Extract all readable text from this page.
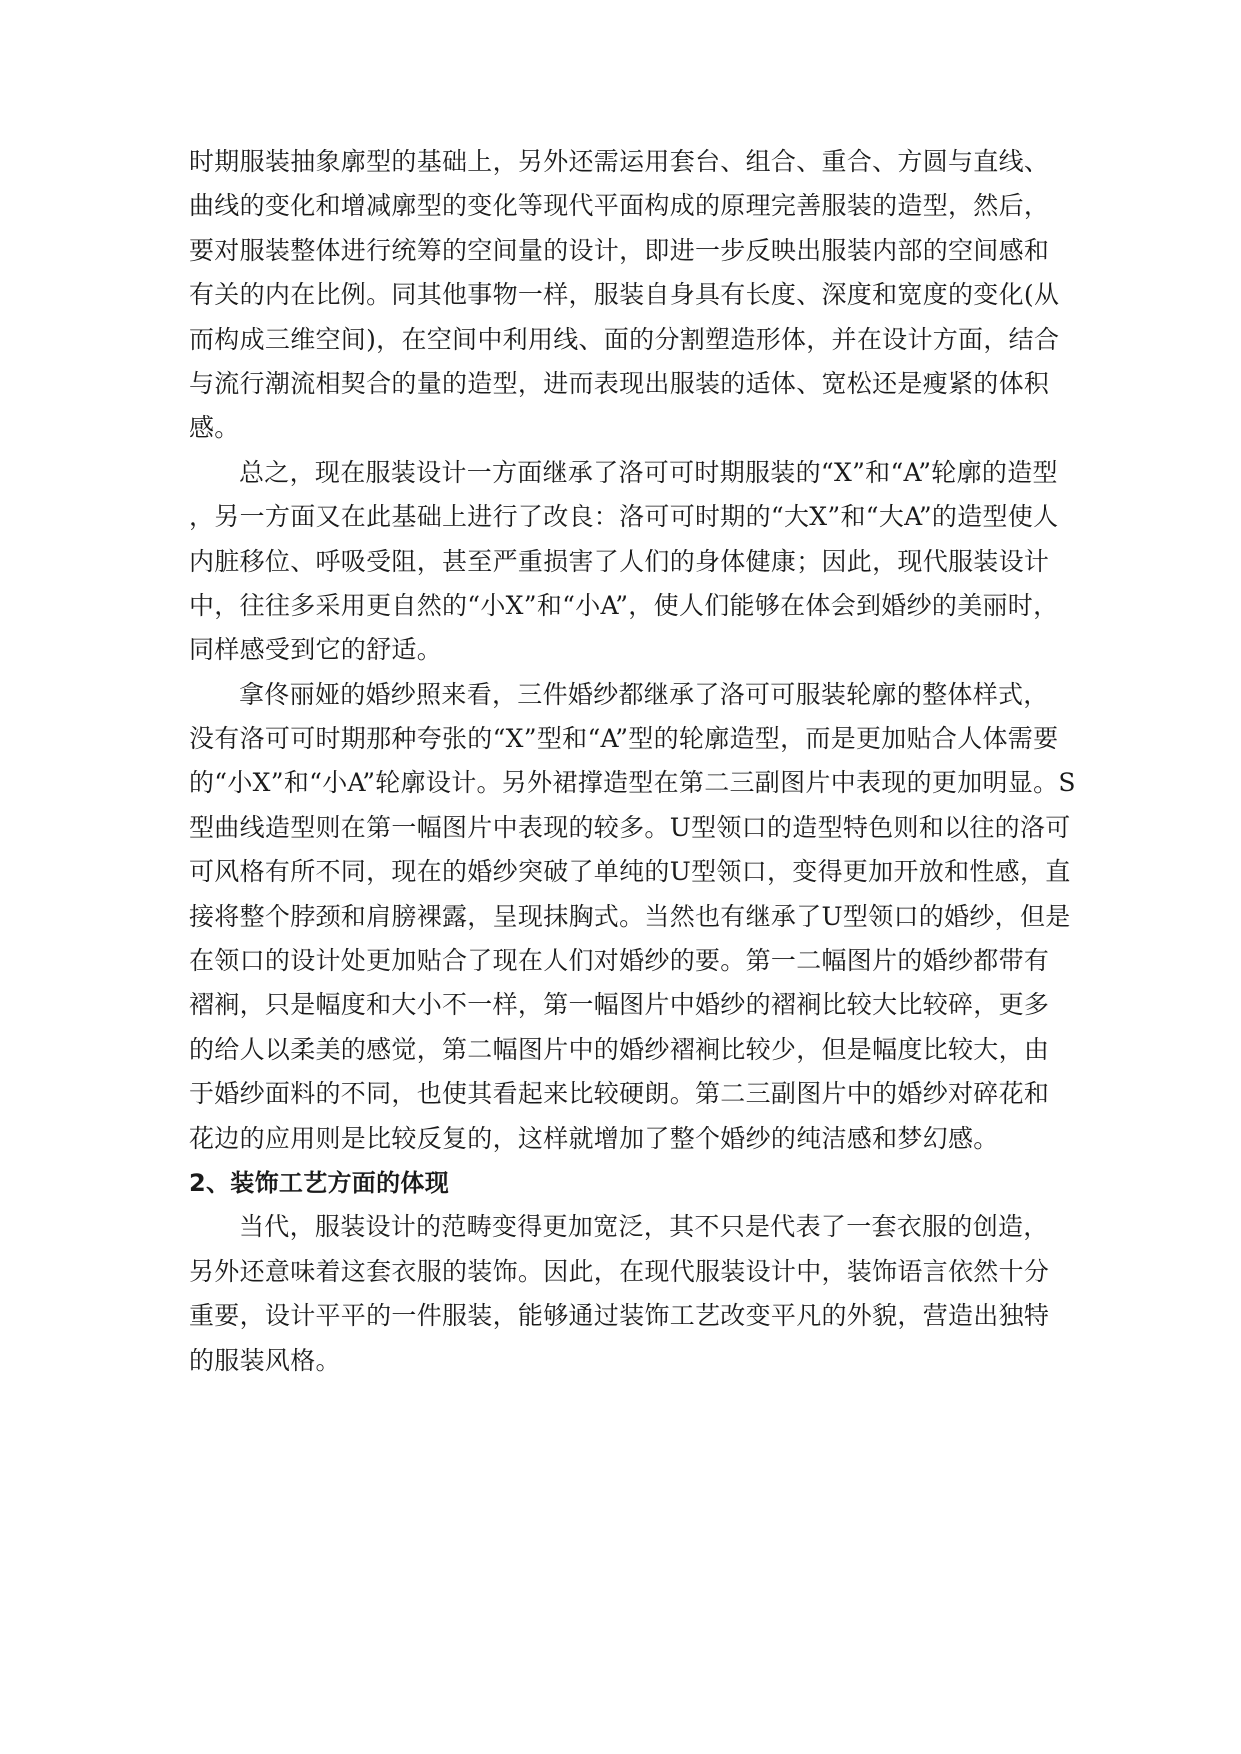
时期服装抽象廓型的基础上，另外还需运用套台、组合、重合、方圆与直线、
曲线的变化和增减廓型的变化等现代平面构成的原理完善服装的造型，然后，
要对服装整体进行统筹的空间量的设计，即进一步反映出服装内部的空间感和
有关的内在比例。同其他事物一样，服装自身具有长度、深度和宽度的变化(从
而构成三维空间)，在空间中利用线、面的分割塑造形体，并在设计方面，结合
与流行潮流相契合的量的造型，进而表现出服装的适体、宽松还是瘦紧的体积
感。
总之，现在服装设计一方面继承了洛可可时期服装的“X”和“A”轮廓的造型
，另一方面又在此基础上进行了改良：洛可可时期的“大X”和“大A”的造型使人
内脏移位、呼吸受阻，甚至严重损害了人们的身体健康；因此，现代服装设计
中，往往多采用更自然的“小X”和“小A”，使人们能够在体会到婚纱的美丽时，
同样感受到它的舒适。
拿佟丽娅的婚纱照来看，三件婚纱都继承了洛可可服装轮廓的整体样式，
没有洛可可时期那种夸张的“X”型和“A”型的轮廓造型，而是更加贴合人体需要
的“小X”和“小A”轮廓设计。另外裙撑造型在第二三副图片中表现的更加明显。S
型曲线造型则在第一幅图片中表现的较多。U型领口的造型特色则和以往的洛可
可风格有所不同，现在的婚纱突破了单纯的U型领口，变得更加开放和性感，直
接将整个脖颈和肩膀裸露，呈现抹胸式。当然也有继承了U型领口的婚纱，但是
在领口的设计处更加贴合了现在人们对婚纱的要。第一二幅图片的婚纱都带有
褶裥，只是幅度和大小不一样，第一幅图片中婚纱的褶裥比较大比较碎，更多
的给人以柔美的感觉，第二幅图片中的婚纱褶裥比较少，但是幅度比较大，由
于婚纱面料的不同，也使其看起来比较硬朗。第二三副图片中的婚纱对碎花和
花边的应用则是比较反复的，这样就增加了整个婚纱的纯洁感和梦幻感。
2、装饰工艺方面的体现
当代，服装设计的范畴变得更加宽泛，其不只是代表了一套衣服的创造，
另外还意味着这套衣服的装饰。因此，在现代服装设计中，装饰语言依然十分
重要，设计平平的一件服装，能够通过装饰工艺改变平凡的外貌，营造出独特
的服装风格。
